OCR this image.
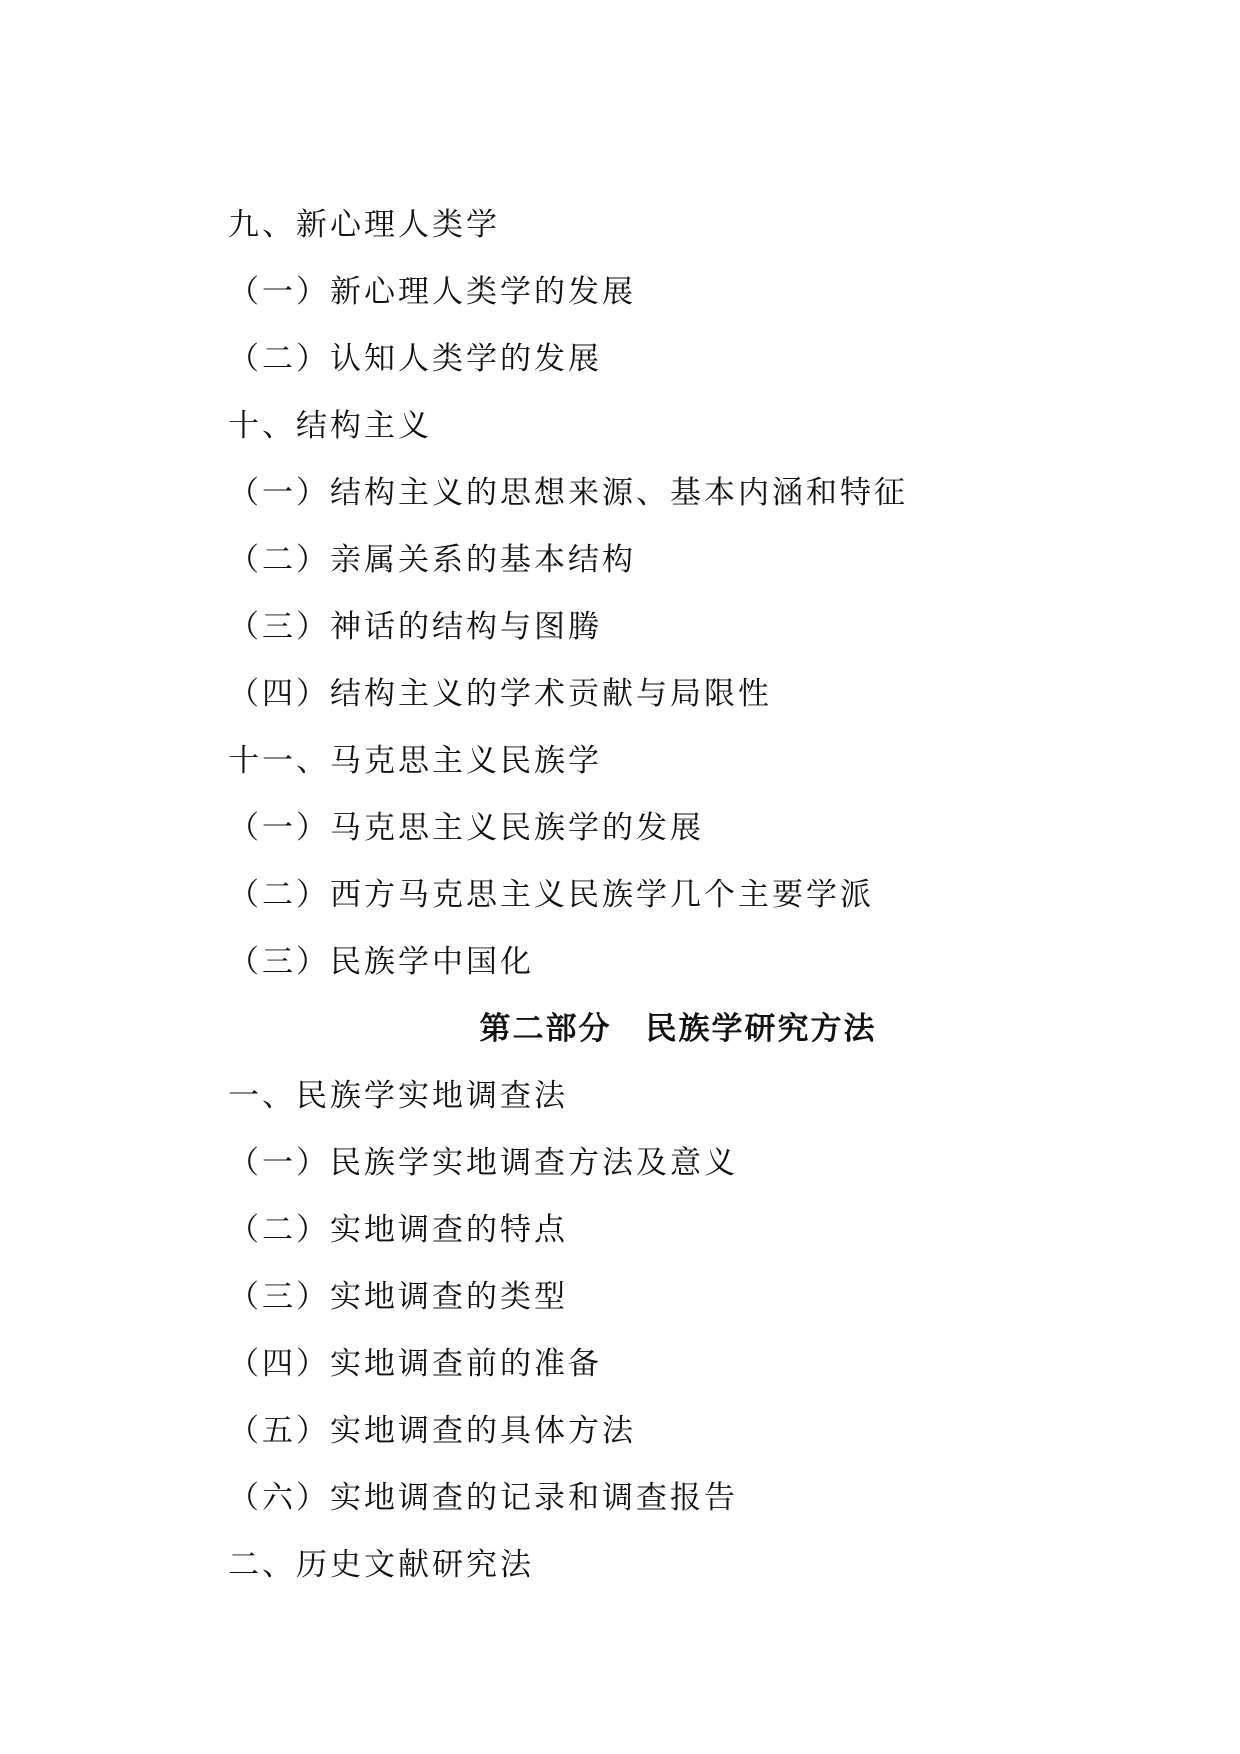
九、新心理人类学
（一）新心理人类学的发展
（二）认知人类学的发展
十、结构主义
（一）结构主义的思想来源、基本内涵和特征
（二）亲属关系的基本结构
（三）神话的结构与图腾
（四）结构主义的学术贡献与局限性
十一、马克思主义民族学
（一）马克思主义民族学的发展
（二）西方马克思主义民族学几个主要学派
（三）民族学中国化
第二部分 民族学研究方法
一、民族学实地调查法
（一）民族学实地调查方法及意义
（二）实地调查的特点
（三）实地调查的类型
（四）实地调查前的准备
（五）实地调查的具体方法
（六）实地调查的记录和调查报告
二、历史文献研究法
